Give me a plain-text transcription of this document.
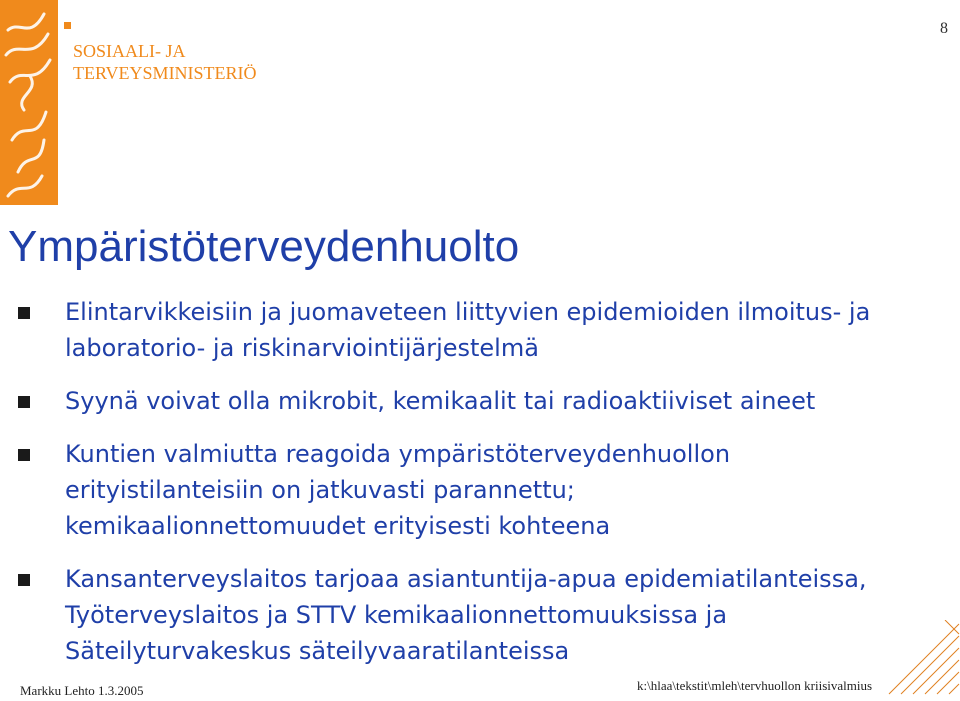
SOSIAALI- JA
TERVEYSMINISTERIÖ
8
Ympäristöterveydenhuolto
Elintarvikkeisiin ja juomaveteen liittyvien epidemioiden ilmoitus- ja
laboratorio- ja riskinarviointijärjestelmä
Syynä voivat olla mikrobit, kemikaalit tai radioaktiiviset aineet
Kuntien valmiutta reagoida ympäristöterveydenhuollon
erityistilanteisiin on jatkuvasti parannettu;
kemikaalionnettomuudet erityisesti kohteena
Kansanterveyslaitos tarjoaa asiantuntija-apua epidemiatilanteissa,
Työterveyslaitos ja STTV kemikaalionnettomuuksissa ja
Säteilyturvakeskus säteilyvaaratilanteissa
Markku Lehto 1.3.2005	k:\hlaa\tekstit\mleh\tervhuollon kriisivalmius
